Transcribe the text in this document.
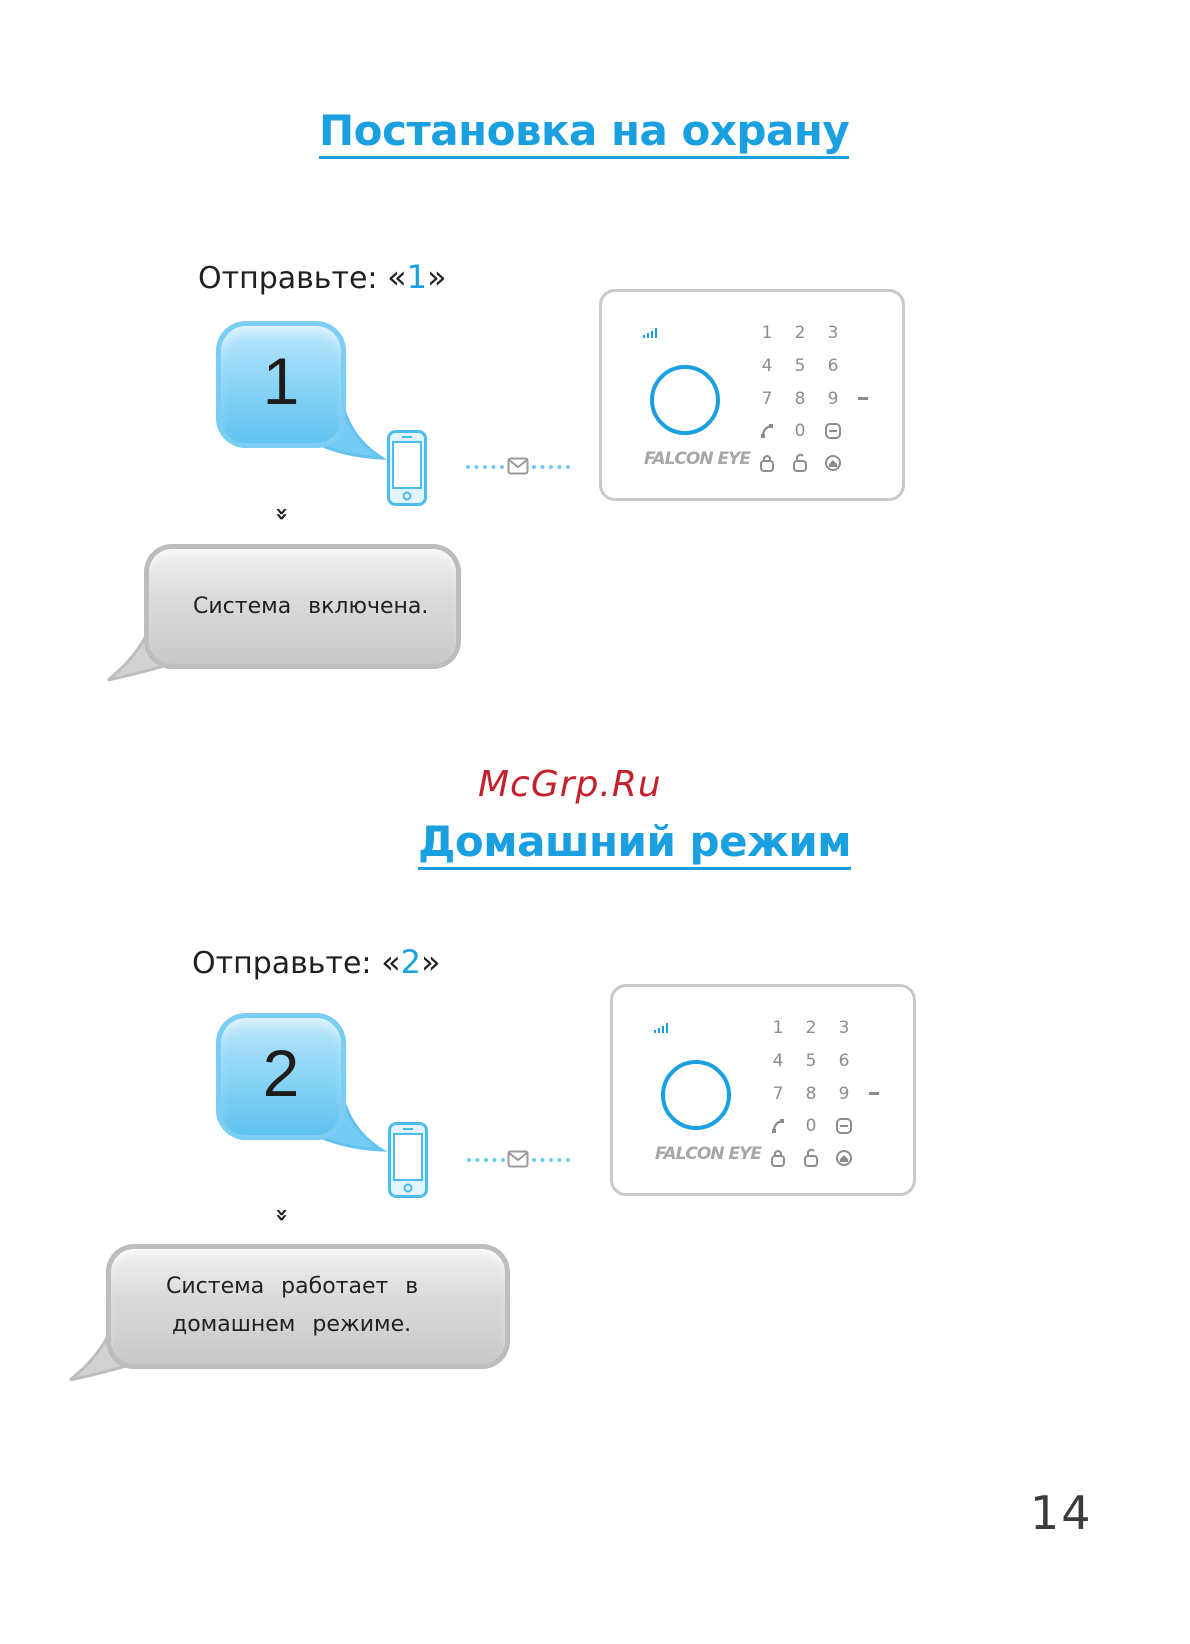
Постановка на охрану
Отправьте: «1»
1
FALCON EYE
1	2	3
4	5	6
7	8	9
0
»
Система включена.
McGrp.Ru
Домашний режим
Отправьте: «2»
2
FALCON EYE
1	2	3
4	5	6
7	8	9
0
»
Система работает в
домашнем режиме.
14
